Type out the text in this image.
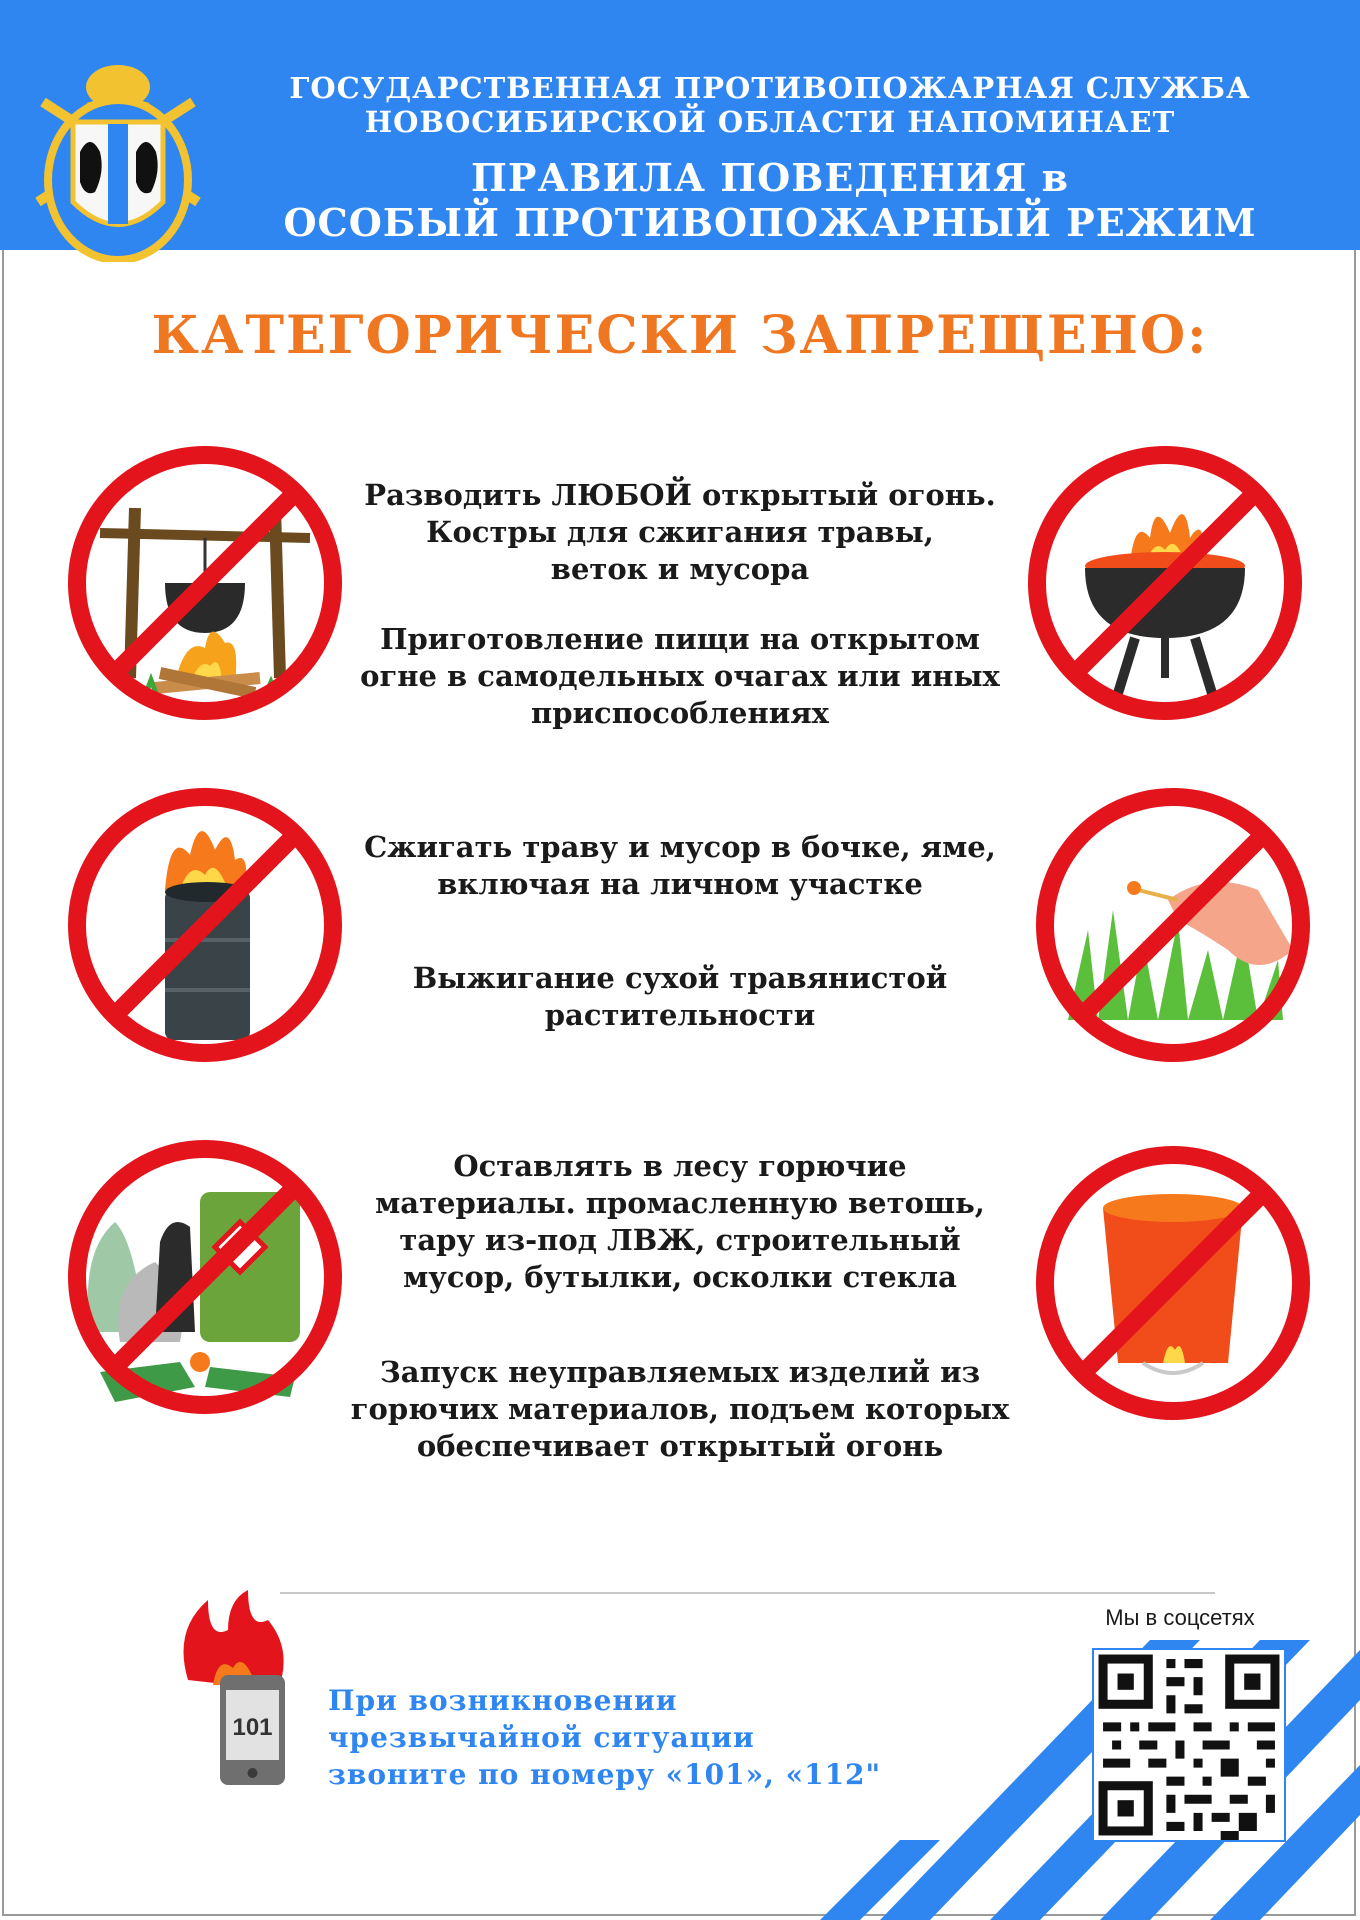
ГОСУДАРСТВЕННАЯ ПРОТИВОПОЖАРНАЯ СЛУЖБА
НОВОСИБИРСКОЙ ОБЛАСТИ НАПОМИНАЕТ
ПРАВИЛА ПОВЕДЕНИЯ в
ОСОБЫЙ ПРОТИВОПОЖАРНЫЙ РЕЖИМ
КАТЕГОРИЧЕСКИ ЗАПРЕЩЕНО:
Разводить ЛЮБОЙ открытый огонь.
Костры для сжигания травы,
веток и мусора
Приготовление пищи на открытом
огне в самодельных очагах или иных
приспособлениях
Сжигать траву и мусор в бочке, яме,
включая на личном участке
Выжигание сухой травянистой
растительности
Оставлять в лесу горючие
материалы. промасленную ветошь,
тару из-под ЛВЖ, строительный
мусор, бутылки, осколки стекла
Запуск неуправляемых изделий из
горючих материалов, подъем которых
обеспечивает открытый огонь
Мы в соцсетях
101
При возникновении
чрезвычайной ситуации
звоните по номеру «101», «112"
